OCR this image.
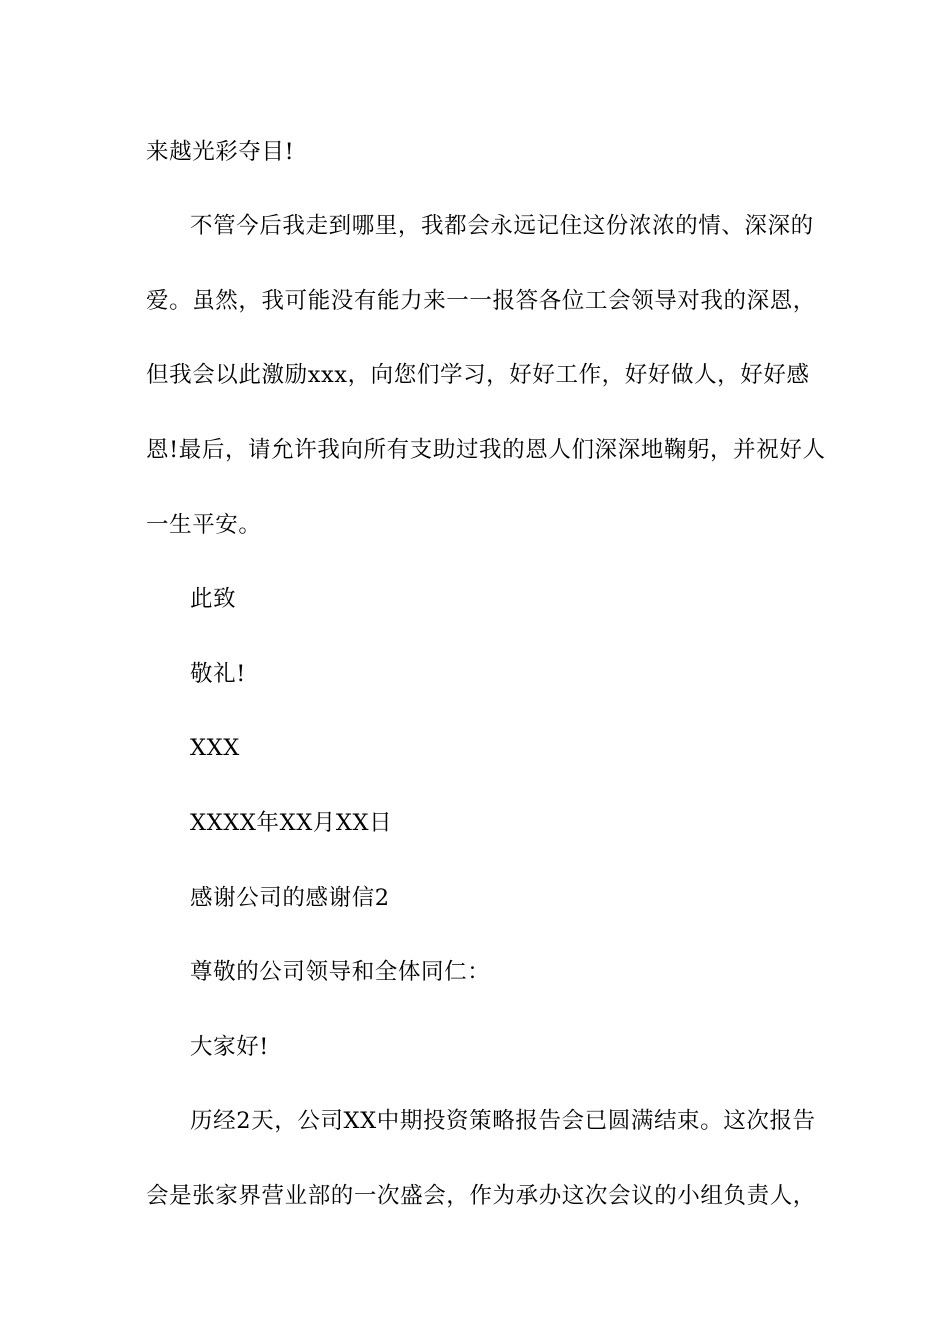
来越光彩夺目!
不管今后我走到哪里，我都会永远记住这份浓浓的情、深深的
爱。虽然，我可能没有能力来一一报答各位工会领导对我的深恩，
但我会以此激励xxx，向您们学习，好好工作，好好做人，好好感
恩!最后，请允许我向所有支助过我的恩人们深深地鞠躬，并祝好人
一生平安。
此致
敬礼!
XXX
XXXX年XX月XX日
感谢公司的感谢信2
尊敬的公司领导和全体同仁：
大家好!
历经2天，公司XX中期投资策略报告会已圆满结束。这次报告
会是张家界营业部的一次盛会，作为承办这次会议的小组负责人，
